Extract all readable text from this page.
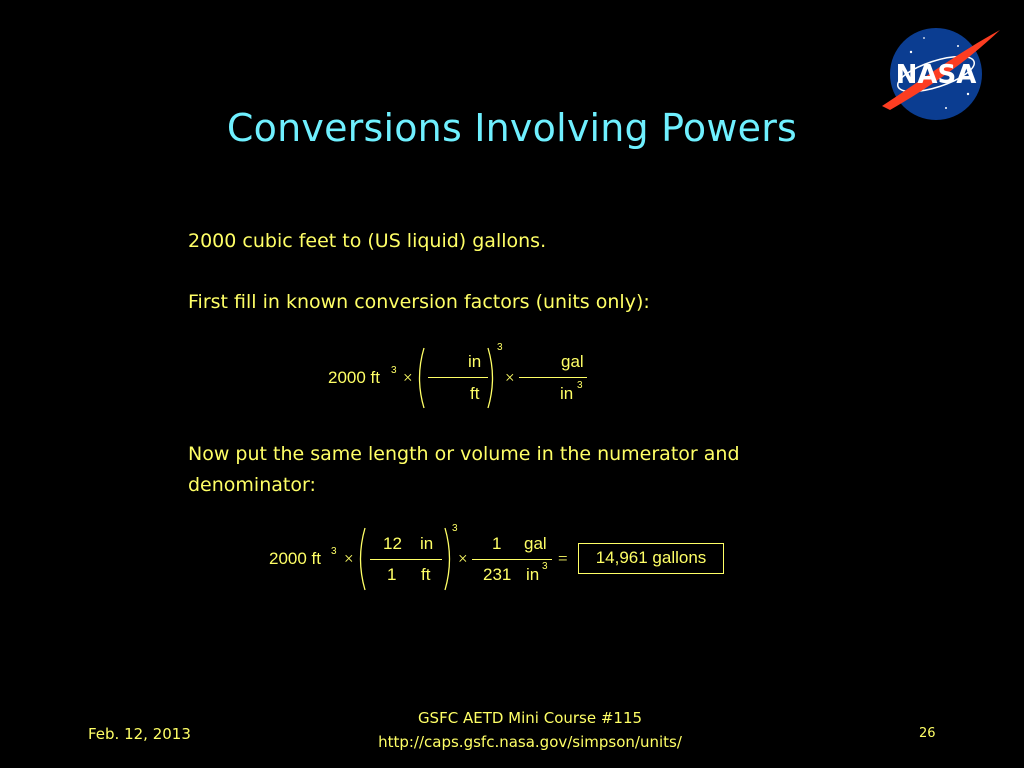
NASA
Conversions Involving Powers
2000 cubic feet to (US liquid) gallons.
First fill in known conversion factors (units only):
2000 ft 3 ×
in
ft
3
×
gal
in 3
Now put the same length or volume in the numerator and
denominator:
2000 ft 3 ×
12 in
1 ft
3
×
1 gal
231 in 3 =	14,961 gallons
Feb. 12, 2013
GSFC AETD Mini Course #115
http://caps.gsfc.nasa.gov/simpson/units/	26
